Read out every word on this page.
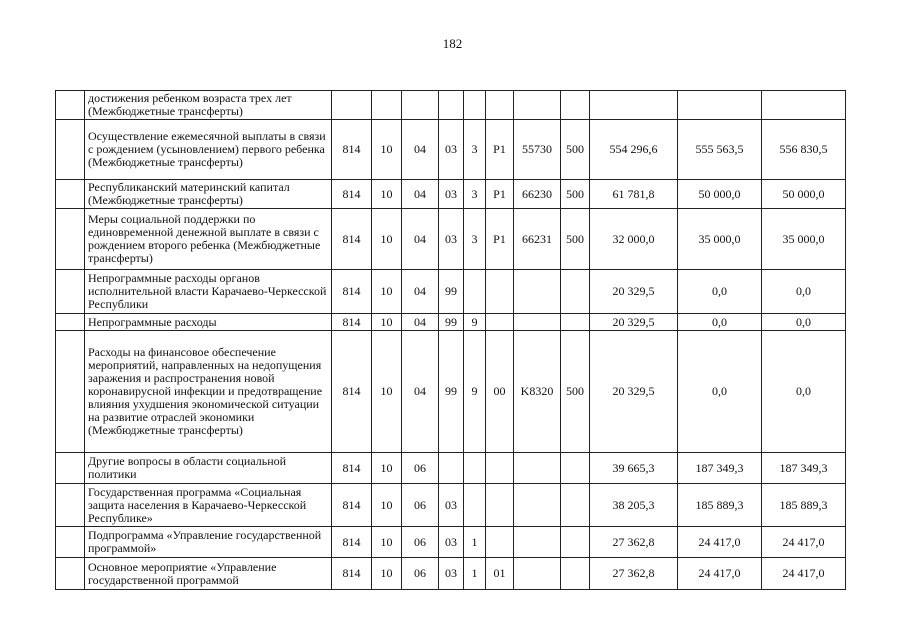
182
	достижения ребенком возраста трех лет (Межбюджетные трансферты)											
	Осуществление ежемесячной выплаты в связи с рождением (усыновлением) первого ребенка (Межбюджетные трансферты)	814	10	04	03	3	P1	55730	500	554 296,6	555 563,5	556 830,5
	Республиканский материнский капитал (Межбюджетные трансферты)	814	10	04	03	3	P1	66230	500	61 781,8	50 000,0	50 000,0
	Меры социальной поддержки по единовременной денежной выплате в связи с рождением второго ребенка (Межбюджетные трансферты)	814	10	04	03	3	P1	66231	500	32 000,0	35 000,0	35 000,0
	Непрограммные расходы органов исполнительной власти Карачаево-Черкесской Республики	814	10	04	99					20 329,5	0,0	0,0
	Непрограммные расходы	814	10	04	99	9				20 329,5	0,0	0,0
	Расходы на финансовое обеспечение мероприятий, направленных на недопущения заражения и распространения новой коронавирусной инфекции и предотвращение влияния ухудшения экономической ситуации на развитие отраслей экономики (Межбюджетные трансферты)	814	10	04	99	9	00	K8320	500	20 329,5	0,0	0,0
	Другие вопросы в области социальной политики	814	10	06						39 665,3	187 349,3	187 349,3
	Государственная программа «Социальная защита населения в Карачаево-Черкесской Республике»	814	10	06	03					38 205,3	185 889,3	185 889,3
	Подпрограмма «Управление государственной программой»	814	10	06	03	1				27 362,8	24 417,0	24 417,0
	Основное мероприятие «Управление государственной программой	814	10	06	03	1	01			27 362,8	24 417,0	24 417,0
